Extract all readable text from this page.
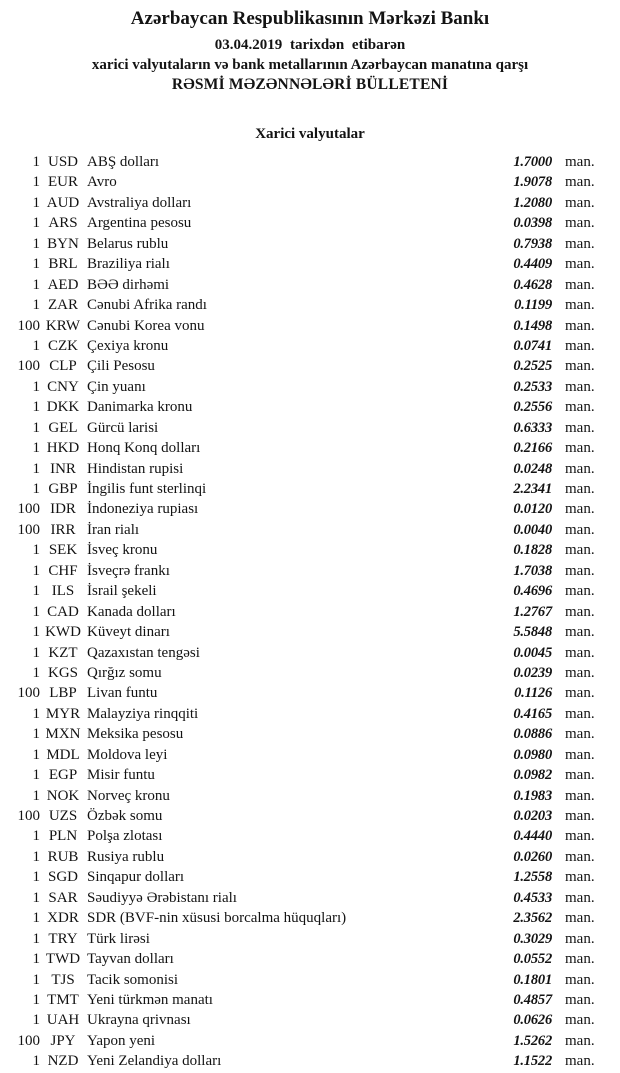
Azərbaycan Respublikasının Mərkəzi Bankı
03.04.2019 tarixdən etibarən
xarici valyutaların və bank metallarının Azərbaycan manatına qarşı
RƏSMİ MƏZƏNNƏLƏRİ BÜLLETENİ
Xarici valyutalar
1 USD ABŞ dolları	1.7000 man.
1 EUR Avro	1.9078 man.
1 AUD Avstraliya dolları	1.2080 man.
1 ARS Argentina pesosu	0.0398 man.
1 BYN Belarus rublu	0.7938 man.
1 BRL Braziliya rialı	0.4409 man.
1 AED BƏƏ dirhəmi	0.4628 man.
1 ZAR Cənubi Afrika randı	0.1199 man.
100 KRW Cənubi Korea vonu	0.1498 man.
1 CZK Çexiya kronu	0.0741 man.
100 CLP Çili Pesosu	0.2525 man.
1 CNY Çin yuanı	0.2533 man.
1 DKK Danimarka kronu	0.2556 man.
1 GEL Gürcü larisi	0.6333 man.
1 HKD Honq Konq dolları	0.2166 man.
1 INR Hindistan rupisi	0.0248 man.
1 GBP İngilis funt sterlinqi	2.2341 man.
100 IDR İndoneziya rupiası	0.0120 man.
100 IRR İran rialı	0.0040 man.
1 SEK İsveç kronu	0.1828 man.
1 CHF İsveçrə frankı	1.7038 man.
1 ILS İsrail şekeli	0.4696 man.
1 CAD Kanada dolları	1.2767 man.
1 KWD Küveyt dinarı	5.5848 man.
1 KZT Qazaxıstan tengəsi	0.0045 man.
1 KGS Qırğız somu	0.0239 man.
100 LBP Livan funtu	0.1126 man.
1 MYR Malayziya rinqqiti	0.4165 man.
1 MXN Meksika pesosu	0.0886 man.
1 MDL Moldova leyi	0.0980 man.
1 EGP Misir funtu	0.0982 man.
1 NOK Norveç kronu	0.1983 man.
100 UZS Özbək somu	0.0203 man.
1 PLN Polşa zlotası	0.4440 man.
1 RUB Rusiya rublu	0.0260 man.
1 SGD Sinqapur dolları	1.2558 man.
1 SAR Səudiyyə Ərəbistanı rialı	0.4533 man.
1 XDR SDR (BVF-nin xüsusi borcalma hüquqları)	2.3562 man.
1 TRY Türk lirəsi	0.3029 man.
1 TWD Tayvan dolları	0.0552 man.
1 TJS Tacik somonisi	0.1801 man.
1 TMT Yeni türkmən manatı	0.4857 man.
1 UAH Ukrayna qrivnası	0.0626 man.
100 JPY Yapon yeni	1.5262 man.
1 NZD Yeni Zelandiya dolları	1.1522 man.
